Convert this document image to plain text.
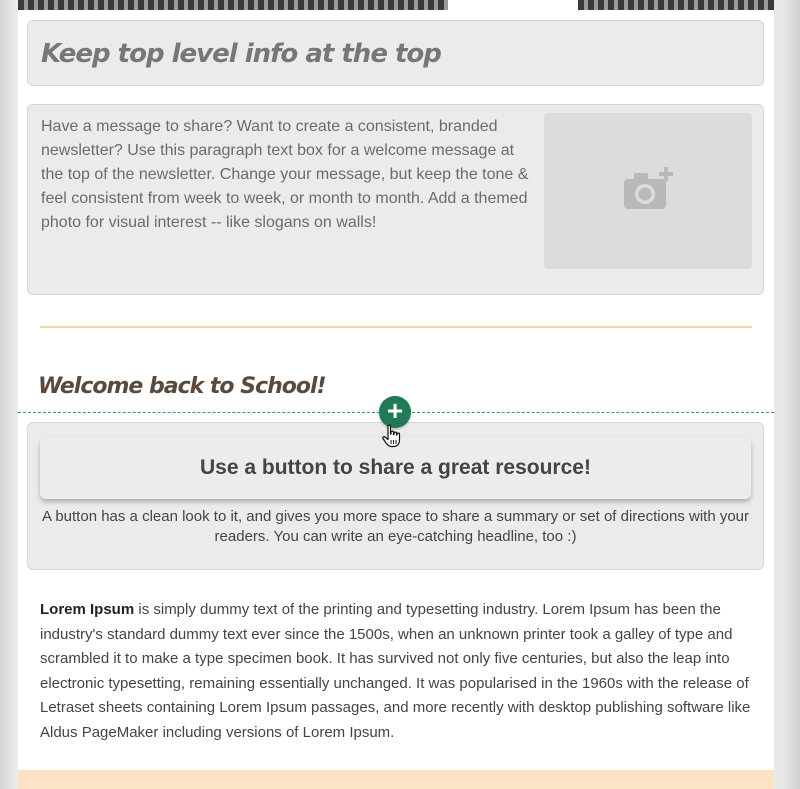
Keep top level info at the top

Have a message to share? Want to create a consistent, branded newsletter? Use this paragraph text box for a welcome message at the top of the newsletter. Change your message, but keep the tone & feel consistent from week to week, or month to month. Add a themed photo for visual interest -- like slogans on walls!

Welcome back to School!
Use a button to share a great resource!

A button has a clean look to it, and gives you more space to share a summary or set of directions with your readers. You can write an eye-catching headline, too :)

+

Lorem Ipsum is simply dummy text of the printing and typesetting industry. Lorem Ipsum has been the industry's standard dummy text ever since the 1500s, when an unknown printer took a galley of type and scrambled it to make a type specimen book. It has survived not only five centuries, but also the leap into electronic typesetting, remaining essentially unchanged. It was popularised in the 1960s with the release of Letraset sheets containing Lorem Ipsum passages, and more recently with desktop publishing software like Aldus PageMaker including versions of Lorem Ipsum.
